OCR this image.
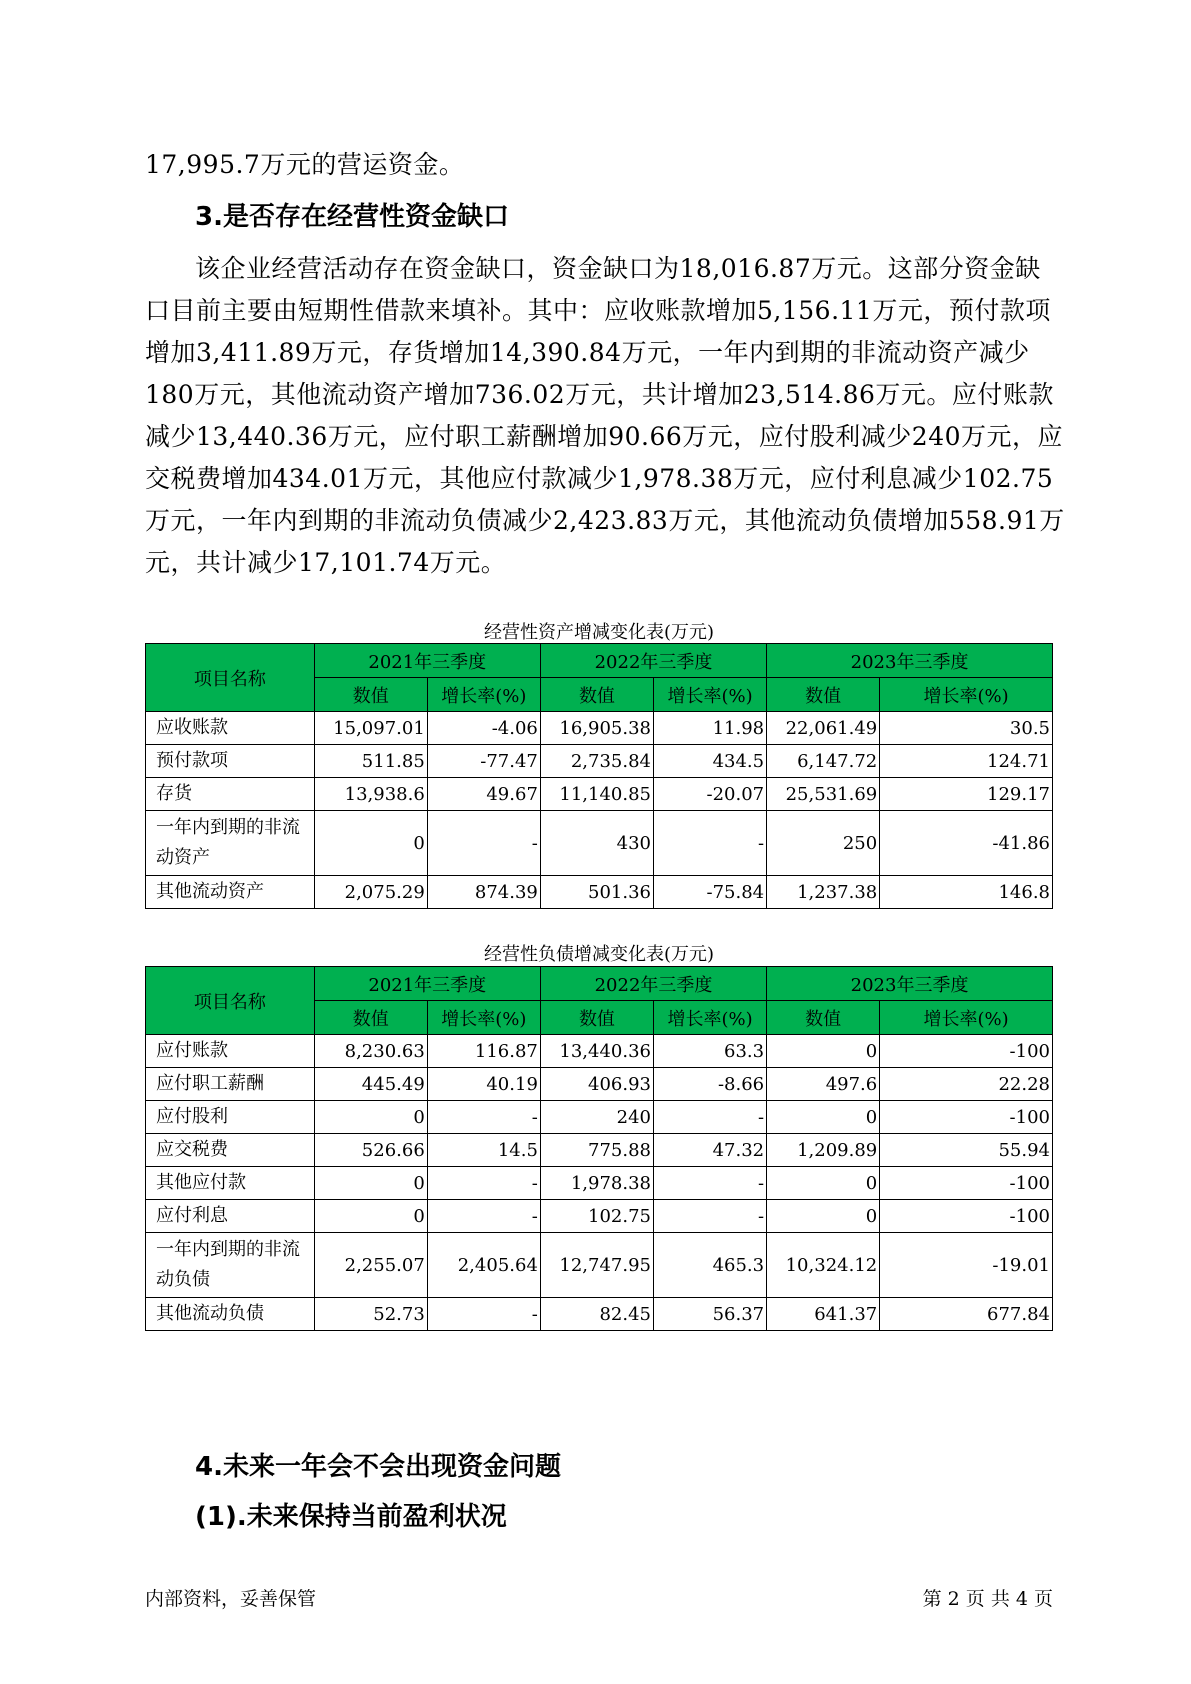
17,995.7万元的营运资金。

3.是否存在经营性资金缺口

该企业经营活动存在资金缺口，资金缺口为18,016.87万元。这部分资金缺口目前主要由短期性借款来填补。其中：应收账款增加5,156.11万元，预付款项增加3,411.89万元，存货增加14,390.84万元，一年内到期的非流动资产减少180万元，其他流动资产增加736.02万元，共计增加23,514.86万元。应付账款减少13,440.36万元，应付职工薪酬增加90.66万元，应付股利减少240万元，应交税费增加434.01万元，其他应付款减少1,978.38万元，应付利息减少102.75万元，一年内到期的非流动负债减少2,423.83万元，其他流动负债增加558.91万元，共计减少17,101.74万元。

经营性资产增减变化表(万元)

项目名称	2021年三季度		2022年三季度		2023年三季度	
	数值	增长率(%)	数值	增长率(%)	数值	增长率(%)
应收账款	15,097.01	-4.06	16,905.38	11.98	22,061.49	30.5
预付款项	511.85	-77.47	2,735.84	434.5	6,147.72	124.71
存货	13,938.6	49.67	11,140.85	-20.07	25,531.69	129.17
一年内到期的非流
动资产	0	-	430	-	250	-41.86
其他流动资产	2,075.29	874.39	501.36	-75.84	1,237.38	146.8

经营性负债增减变化表(万元)

项目名称	2021年三季度		2022年三季度		2023年三季度	
	数值	增长率(%)	数值	增长率(%)	数值	增长率(%)
应付账款	8,230.63	116.87	13,440.36	63.3	0	-100
应付职工薪酬	445.49	40.19	406.93	-8.66	497.6	22.28
应付股利	0	-	240	-	0	-100
应交税费	526.66	14.5	775.88	47.32	1,209.89	55.94
其他应付款	0	-	1,978.38	-	0	-100
应付利息	0	-	102.75	-	0	-100
一年内到期的非流
动负债	2,255.07	2,405.64	12,747.95	465.3	10,324.12	-19.01
其他流动负债	52.73	-	82.45	56.37	641.37	677.84
4.未来一年会不会出现资金问题
(1).未来保持当前盈利状况

内部资料，妥善保管	第 2 页 共 4 页
